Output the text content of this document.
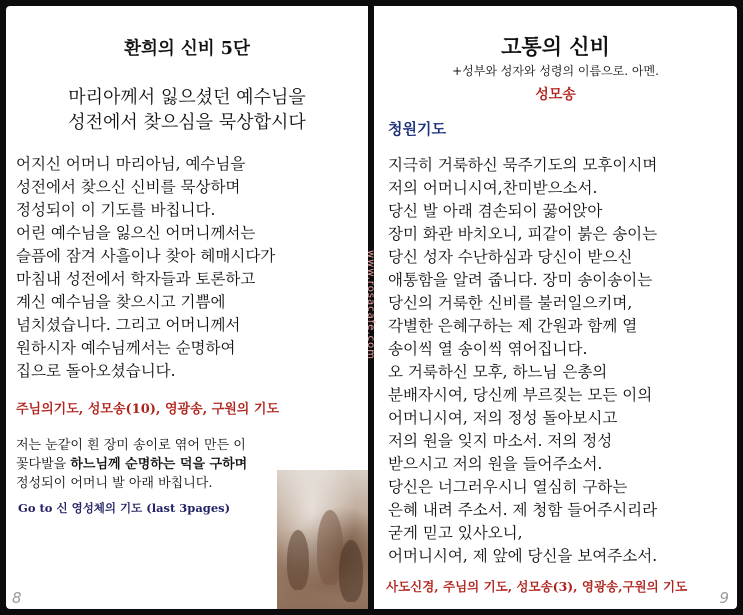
환희의 신비 5단

마리아께서 잃으셨던 예수님을

성전에서 찾으심을 묵상합시다

어지신 어머니 마리아님, 예수님을

성전에서 찾으신 신비를 묵상하며

정성되이 이 기도를 바칩니다.

어린 예수님을 잃으신 어머니께서는

슬픔에 잠겨 사흘이나 찾아 헤매시다가

마침내 성전에서 학자들과 토론하고

계신 예수님을 찾으시고 기쁨에

넘치셨습니다. 그리고 어머니께서

원하시자 예수님께서는 순명하여

집으로 돌아오셨습니다.

주님의기도, 성모송(10), 영광송, 구원의 기도

저는 눈같이 흰 장미 송이로 엮어 만든 이

꽃다발을 하느님께 순명하는 덕을 구하며

정성되이 어머니 발 아래 바칩니다.

Go to 신 영성체의 기도 (last 3pages)

8

고통의 신비

+성부와 성자와 성령의 이름으로. 아멘.

성모송

청원기도

지극히 거룩하신 묵주기도의 모후이시며

저의 어머니시여,찬미받으소서.

당신 발 아래 겸손되이 꿇어앉아

장미 화관 바치오니, 피같이 붉은 송이는

당신 성자 수난하심과 당신이 받으신

애통함을 알려 줍니다. 장미 송이송이는

당신의 거룩한 신비를 불러일으키며,

각별한 은혜구하는 제 간원과 함께 열

송이씩 열 송이씩 엮어집니다.

오 거룩하신 모후, 하느님 은총의

분배자시여, 당신께 부르짖는 모든 이의

어머니시여, 저의 정성 돌아보시고

저의 원을 잊지 마소서. 저의 정성

받으시고 저의 원을 들어주소서.

당신은 너그러우시니 열심히 구하는

은혜 내려 주소서. 제 청함 들어주시리라

굳게 믿고 있사오니,

어머니시여, 제 앞에 당신을 보여주소서.

사도신경, 주님의 기도, 성모송(3), 영광송,구원의 기도

9
www.rosacafe.com
